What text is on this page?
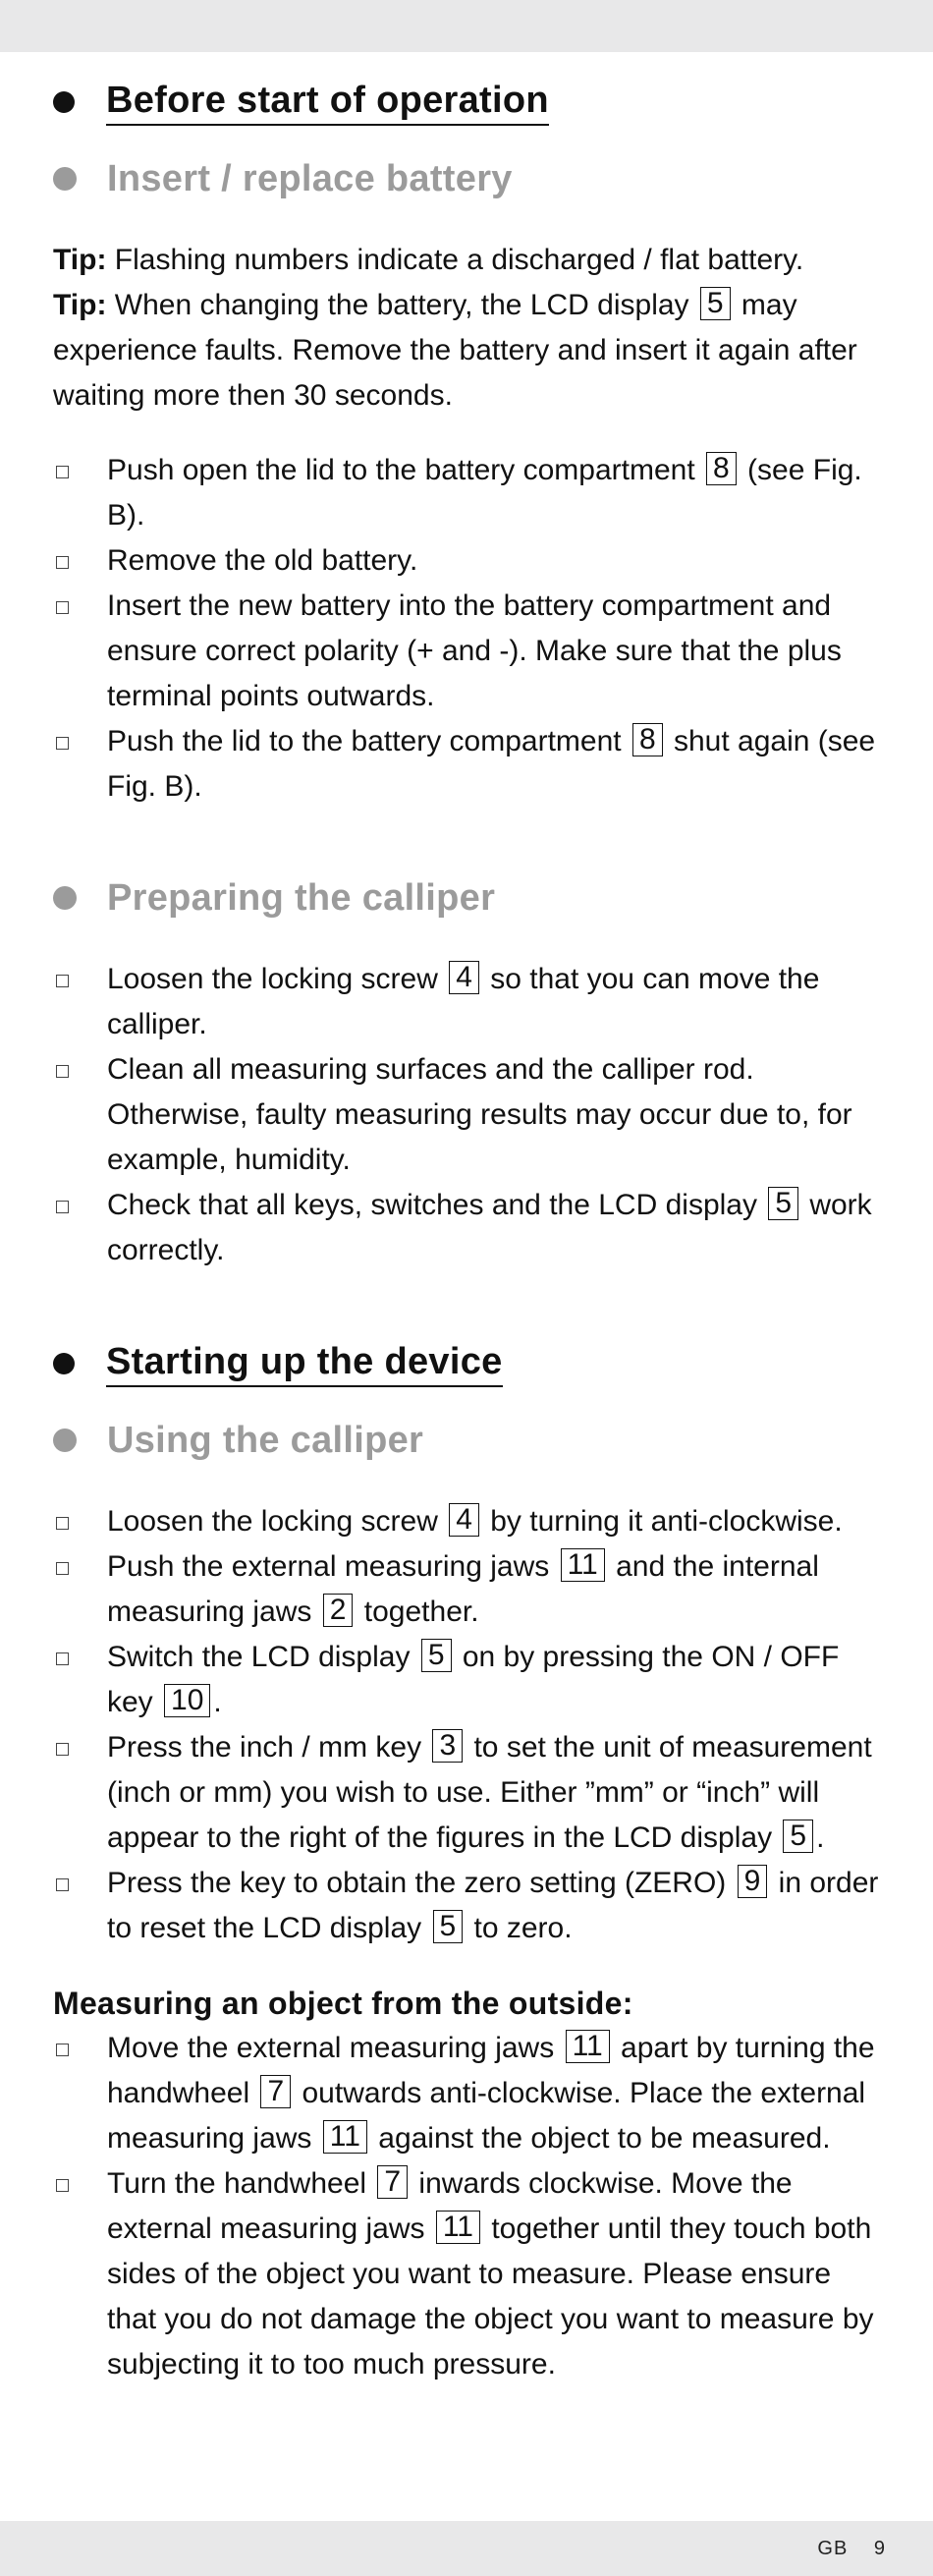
Before start of operation
Insert / replace battery

Tip: Flashing numbers indicate a discharged / flat battery.
Tip: When changing the battery, the LCD display 5 may experience faults. Remove the battery and insert it again after waiting more then 30 seconds.

Push open the lid to the battery compartment 8 (see Fig. B).
Remove the old battery.
Insert the new battery into the battery compartment and ensure correct polarity (+ and -). Make sure that the plus terminal points outwards.
Push the lid to the battery compartment 8 shut again (see Fig. B).
Preparing the calliper
Loosen the locking screw 4 so that you can move the calliper.
Clean all measuring surfaces and the calliper rod. Otherwise, faulty measuring results may occur due to, for example, humidity.
Check that all keys, switches and the LCD display 5 work correctly.
Starting up the device
Using the calliper
Loosen the locking screw 4 by turning it anti-clockwise.
Push the external measuring jaws 11 and the internal measuring jaws 2 together.
Switch the LCD display 5 on by pressing the ON / OFF key 10 .
Press the inch / mm key 3 to set the unit of measurement (inch or mm) you wish to use. Either ”mm” or “inch” will appear to the right of the figures in the LCD display 5 .
Press the key to obtain the zero setting (ZERO) 9 in order to reset the LCD display 5 to zero.
Measuring an object from the outside:
Move the external measuring jaws 11 apart by turning the handwheel 7 outwards anti-clockwise. Place the external measuring jaws 11 against the object to be measured.
Turn the handwheel 7 inwards clockwise. Move the external measuring jaws 11 together until they touch both sides of the object you want to measure. Please ensure that you do not damage the object you want to measure by subjecting it to too much pressure.
GB 9
